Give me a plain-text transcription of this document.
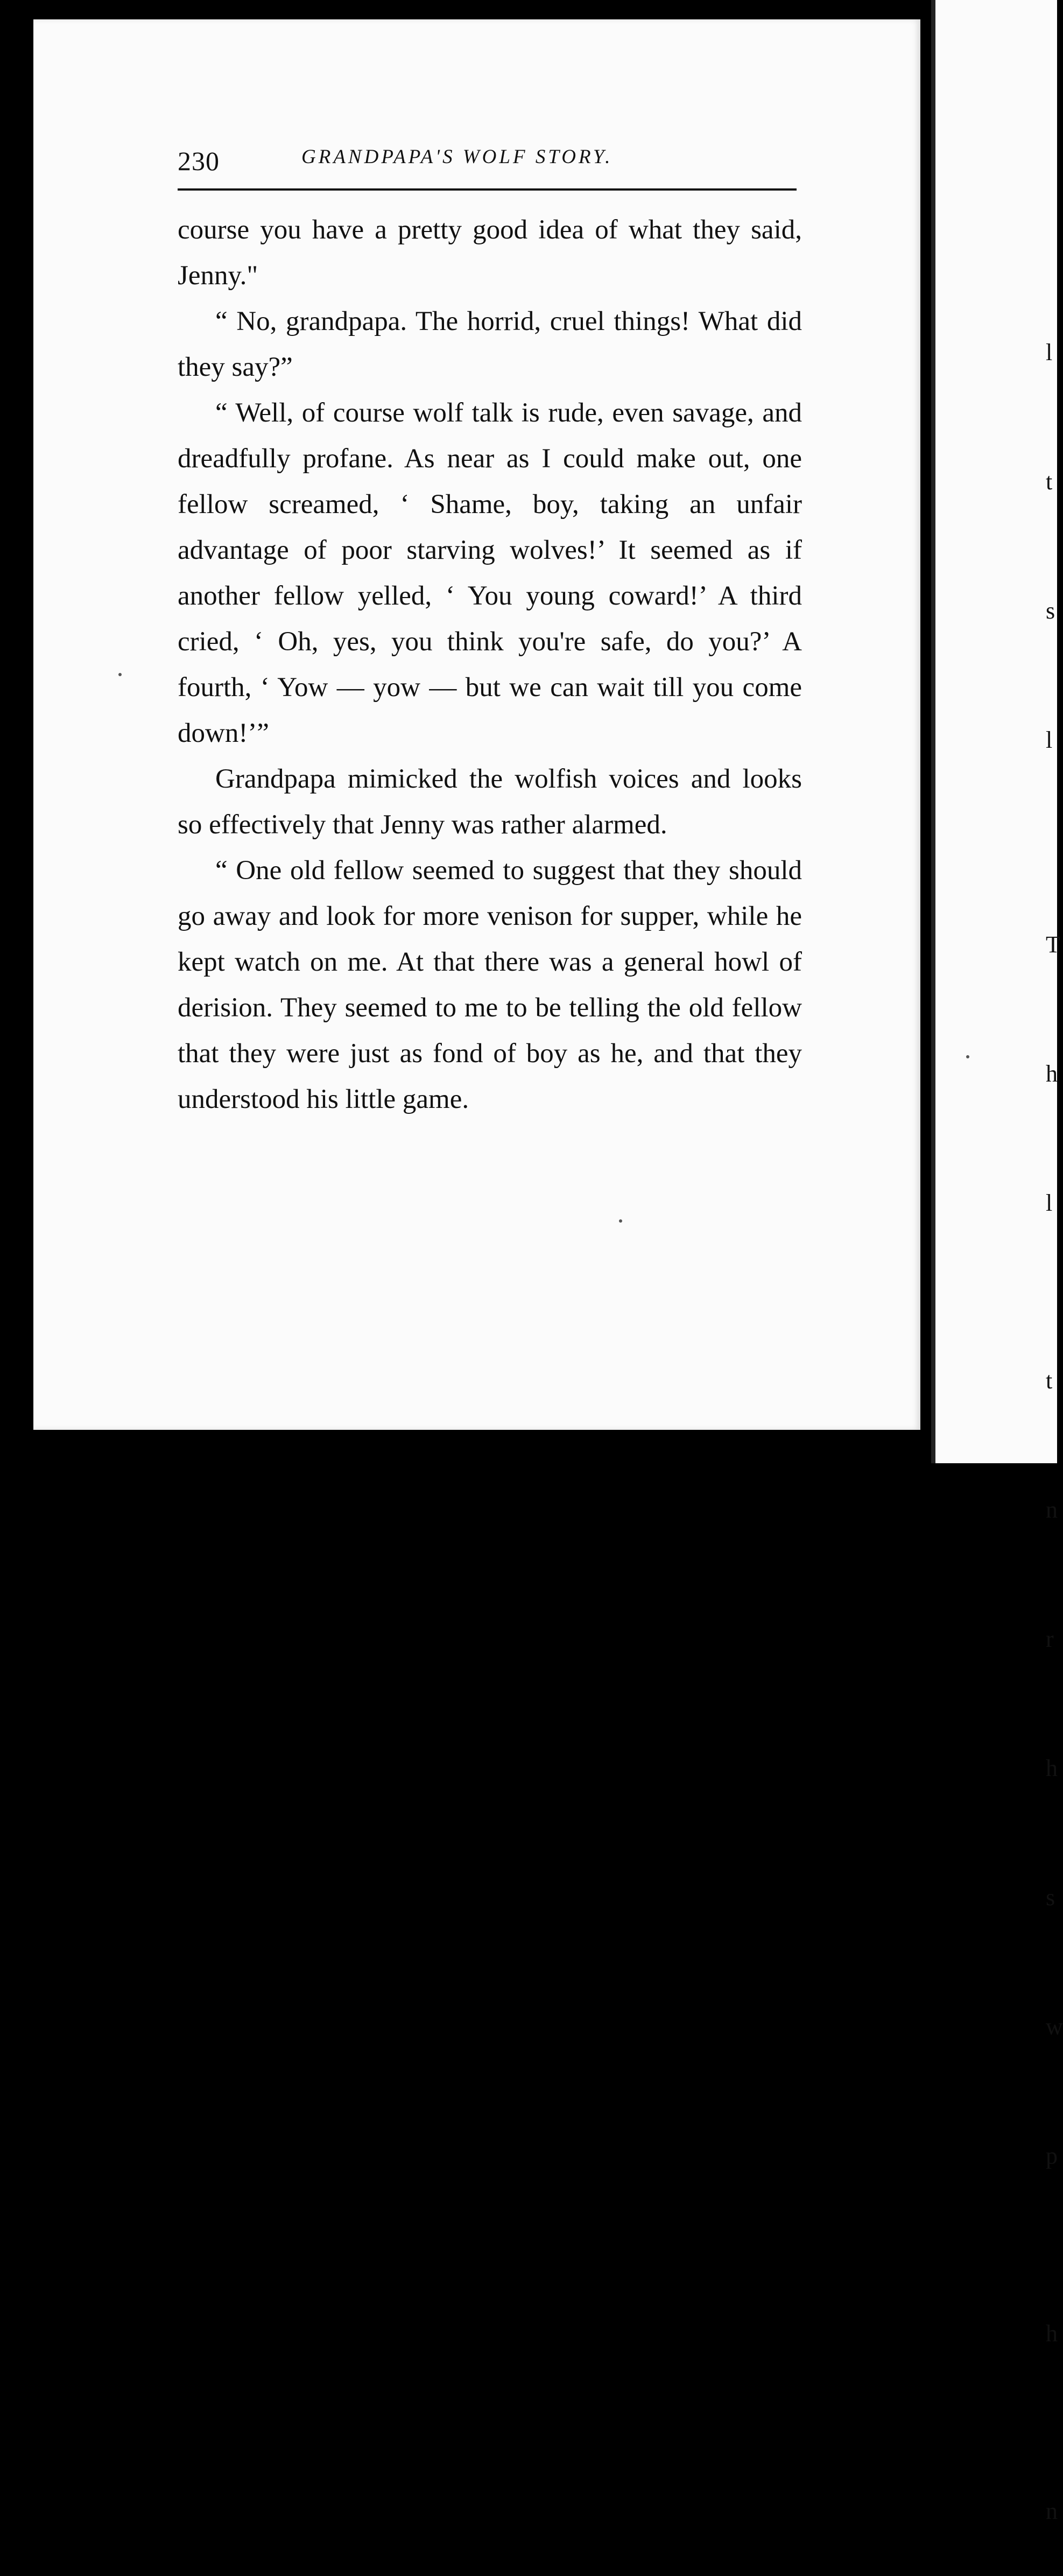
230	GRANDPAPA'S WOLF STORY.

course you have a pretty good idea of what they said, Jenny."

“ No, grandpapa. The horrid, cruel things! What did they say?”

“ Well, of course wolf talk is rude, even savage, and dreadfully profane. As near as I could make out, one fellow screamed, ‘ Shame, boy, taking an unfair advantage of poor starving wolves!’ It seemed as if another fellow yelled, ‘ You young coward!’ A third cried, ‘ Oh, yes, you think you're safe, do you?’ A fourth, ‘ Yow — yow — but we can wait till you come down!’”

Grandpapa mimicked the wolfish voices and looks so effectively that Jenny was rather alarmed.

“ One old fellow seemed to suggest that they should go away and look for more venison for supper, while he kept watch on me. At that there was a general howl of derision. They seemed to me to be telling the old fellow that they were just as fond of boy as he, and that they understood his little game.

l

t

s

l

T

h

l

t

n

r

h

s

w

p

h

n
